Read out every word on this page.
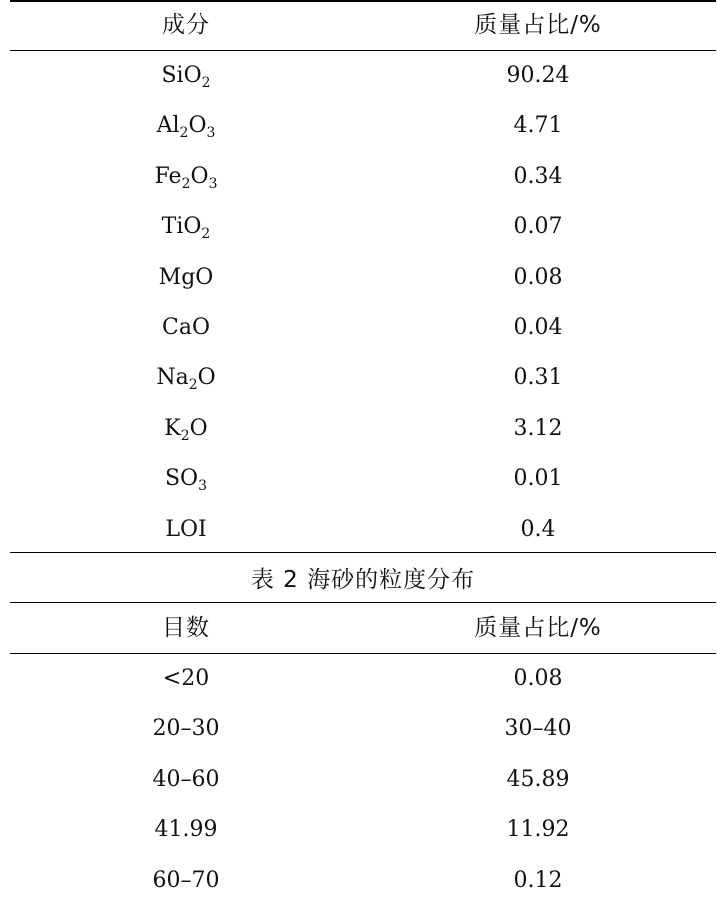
成分	质量占比/%
SiO$_2$	90.24
$Al_2O_3$	4.71
$Fe_2O_3$	0.34
TiO$_2$	0.07
MgO	0.08
CaO	0.04
$Na_2O$	0.31
$K_2O$	3.12
$SO_3$	0.01
LOI	0.4
表 2 海砂的粒度分布
目数	质量占比/%
<20	0.08
20–30	30–40
40–60	45.89
41.99	11.92
60–70	0.12
